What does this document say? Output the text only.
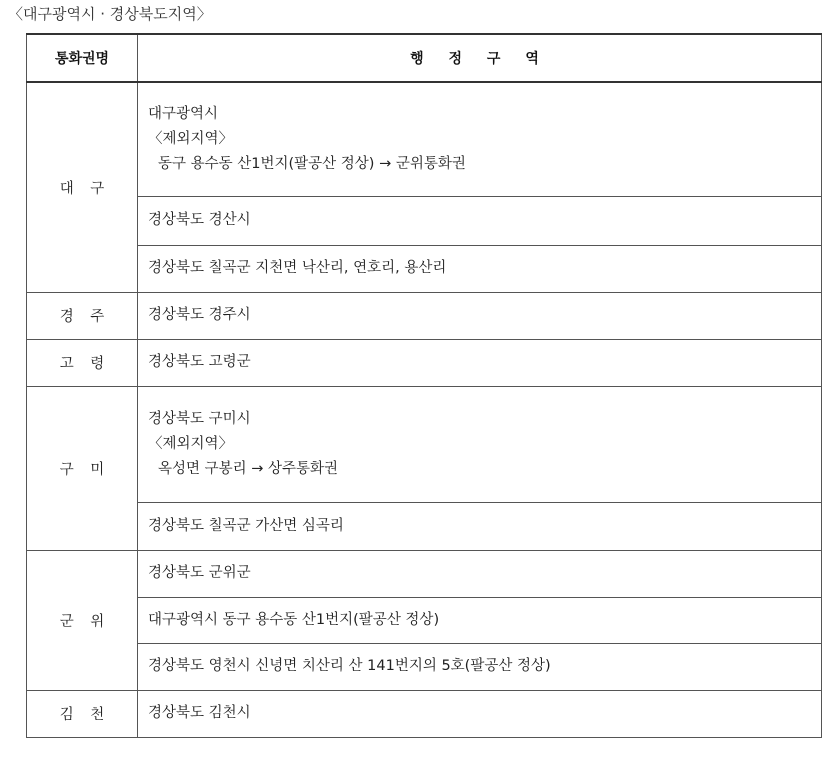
〈대구광역시 · 경상북도지역〉
통화권명	행 정 구 역
대 구	대구광역시
〈제외지역〉
동구 용수동 산1번지(팔공산 정상) → 군위통화권

	경상북도 경산시
	경상북도 칠곡군 지천면 낙산리, 연호리, 용산리
경 주	경상북도 경주시
고 령	경상북도 고령군
구 미	경상북도 구미시
〈제외지역〉
옥성면 구봉리 → 상주통화권

	경상북도 칠곡군 가산면 심곡리
군 위	경상북도 군위군
	대구광역시 동구 용수동 산1번지(팔공산 정상)
	경상북도 영천시 신녕면 치산리 산 141번지의 5호(팔공산 정상)
김 천	경상북도 김천시
